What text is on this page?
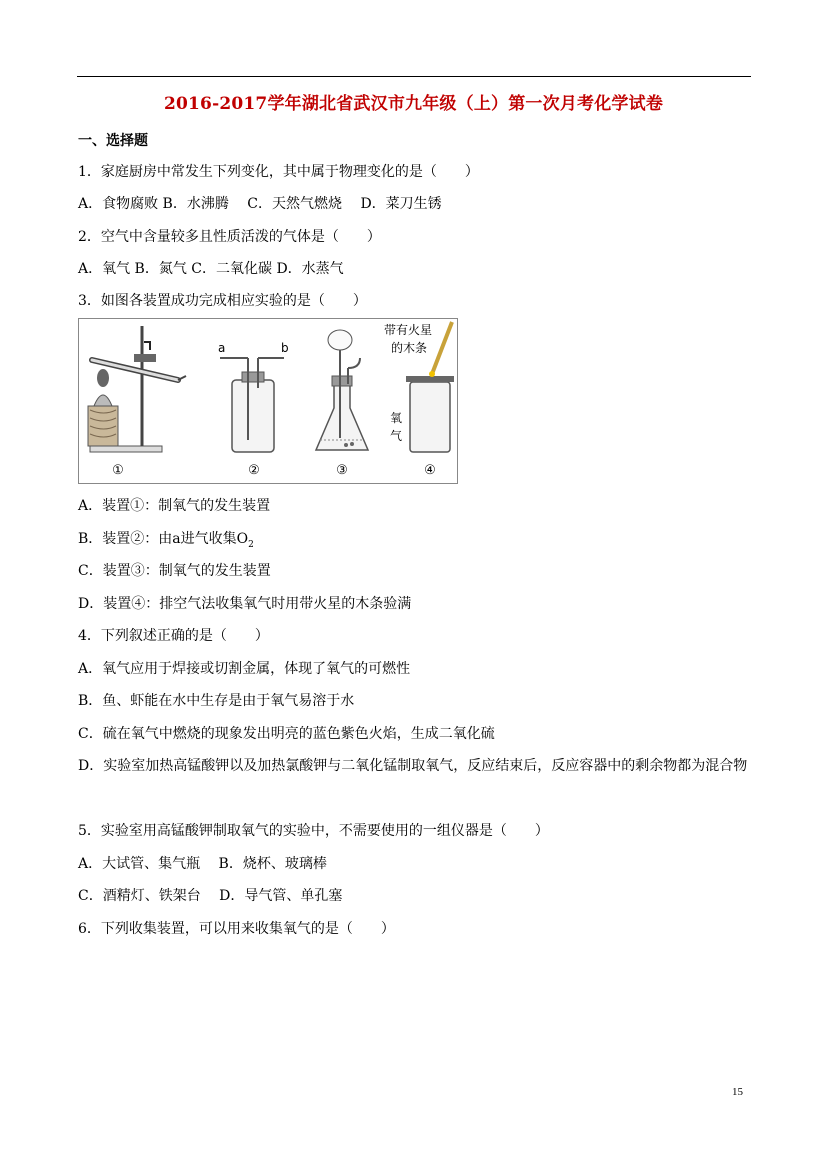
2016-2017学年湖北省武汉市九年级（上）第一次月考化学试卷
一、选择题
1．家庭厨房中常发生下列变化，其中属于物理变化的是（　　）
A．食物腐败 B．水沸腾　 C．天然气燃烧　 D．菜刀生锈
2．空气中含量较多且性质活泼的气体是（　　）
A．氧气 B．氮气 C．二氧化碳 D．水蒸气
3．如图各装置成功完成相应实验的是（　　）
a	b
带有火星
的木条
氧
气
①	②	③	④
A．装置①：制氧气的发生装置
B．装置②：由a进气收集$O_2$
C．装置③：制氧气的发生装置
D．装置④：排空气法收集氧气时用带火星的木条验满
4．下列叙述正确的是（　　）
A．氧气应用于焊接或切割金属，体现了氧气的可燃性
B．鱼、虾能在水中生存是由于氧气易溶于水
C．硫在氧气中燃烧的现象发出明亮的蓝色紫色火焰，生成二氧化硫
D．实验室加热高锰酸钾以及加热氯酸钾与二氧化锰制取氧气，反应结束后，反应容器中的剩余物都为混合物
5．实验室用高锰酸钾制取氧气的实验中，不需要使用的一组仪器是（　　）
A．大试管、集气瓶　 B．烧杯、玻璃棒
C．酒精灯、铁架台　 D．导气管、单孔塞
6．下列收集装置，可以用来收集氧气的是（　　）
15
